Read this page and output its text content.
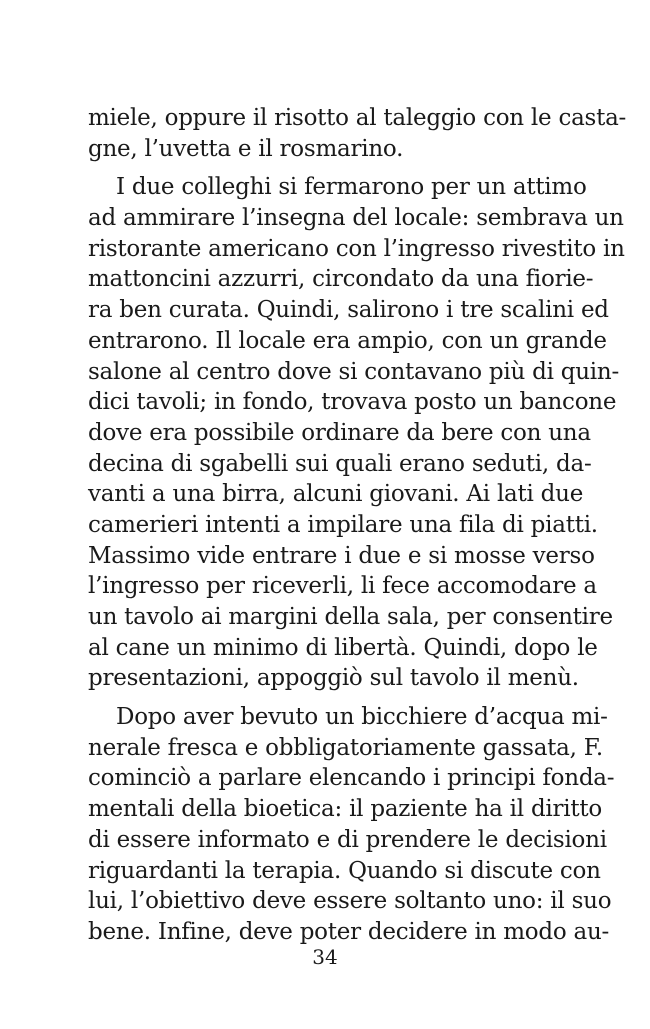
miele, oppure il risotto al taleggio con le casta-
gne, l’uvetta e il rosmarino.
I due colleghi si fermarono per un attimo
ad ammirare l’insegna del locale: sembrava un
ristorante americano con l’ingresso rivestito in
mattoncini azzurri, circondato da una fiorie-
ra ben curata. Quindi, salirono i tre scalini ed
entrarono. Il locale era ampio, con un grande
salone al centro dove si contavano più di quin-
dici tavoli; in fondo, trovava posto un bancone
dove era possibile ordinare da bere con una
decina di sgabelli sui quali erano seduti, da-
vanti a una birra, alcuni giovani. Ai lati due
camerieri intenti a impilare una fila di piatti.
Massimo vide entrare i due e si mosse verso
l’ingresso per riceverli, li fece accomodare a
un tavolo ai margini della sala, per consentire
al cane un minimo di libertà. Quindi, dopo le
presentazioni, appoggiò sul tavolo il menù.
Dopo aver bevuto un bicchiere d’acqua mi-
nerale fresca e obbligatoriamente gassata, F.
cominciò a parlare elencando i principi fonda-
mentali della bioetica: il paziente ha il diritto
di essere informato e di prendere le decisioni
riguardanti la terapia. Quando si discute con
lui, l’obiettivo deve essere soltanto uno: il suo
bene. Infine, deve poter decidere in modo au-
34
